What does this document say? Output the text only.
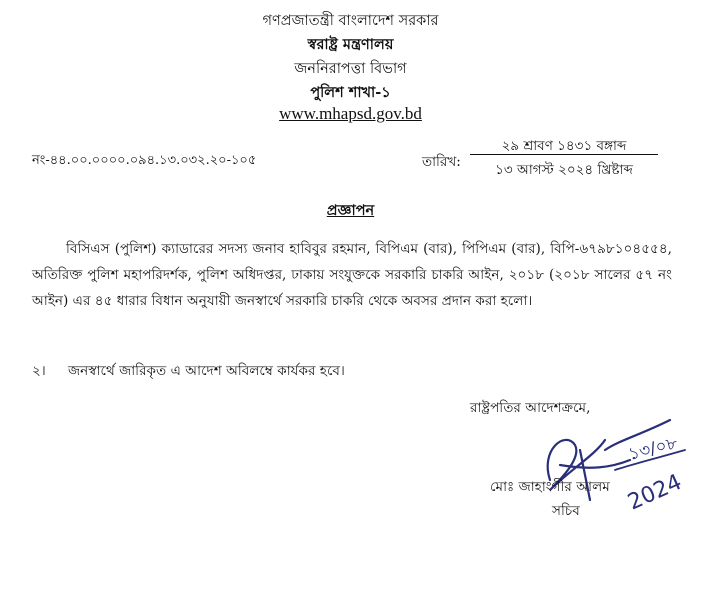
গণপ্রজাতন্ত্রী বাংলাদেশ সরকার
স্বরাষ্ট্র মন্ত্রণালয়
জননিরাপত্তা বিভাগ
পুলিশ শাখা-১
www.mhapsd.gov.bd
নং-৪৪.০০.০০০০.০৯৪.১৩.০৩২.২০-১০৫	তারিখ:
২৯ শ্রাবণ ১৪৩১ বঙ্গাব্দ
১৩ আগস্ট ২০২৪ খ্রিষ্টাব্দ
প্রজ্ঞাপন

বিসিএস (পুলিশ) ক্যাডারের সদস্য জনাব হাবিবুর রহমান, বিপিএম (বার), পিপিএম (বার), বিপি-৬৭৯৮১০৪৫৫৪, অতিরিক্ত পুলিশ মহাপরিদর্শক, পুলিশ অধিদপ্তর, ঢাকায় সংযুক্তকে সরকারি চাকরি আইন, ২০১৮ (২০১৮ সালের ৫৭ নং আইন) এর ৪৫ ধারার বিধান অনুযায়ী জনস্বার্থে সরকারি চাকরি থেকে অবসর প্রদান করা হলো।

২। জনস্বার্থে জারিকৃত এ আদেশ অবিলম্বে কার্যকর হবে।
রাষ্ট্রপতির আদেশক্রমে,
১৩/০৮
2024
মোঃ জাহাংগীর আলম
সচিব
